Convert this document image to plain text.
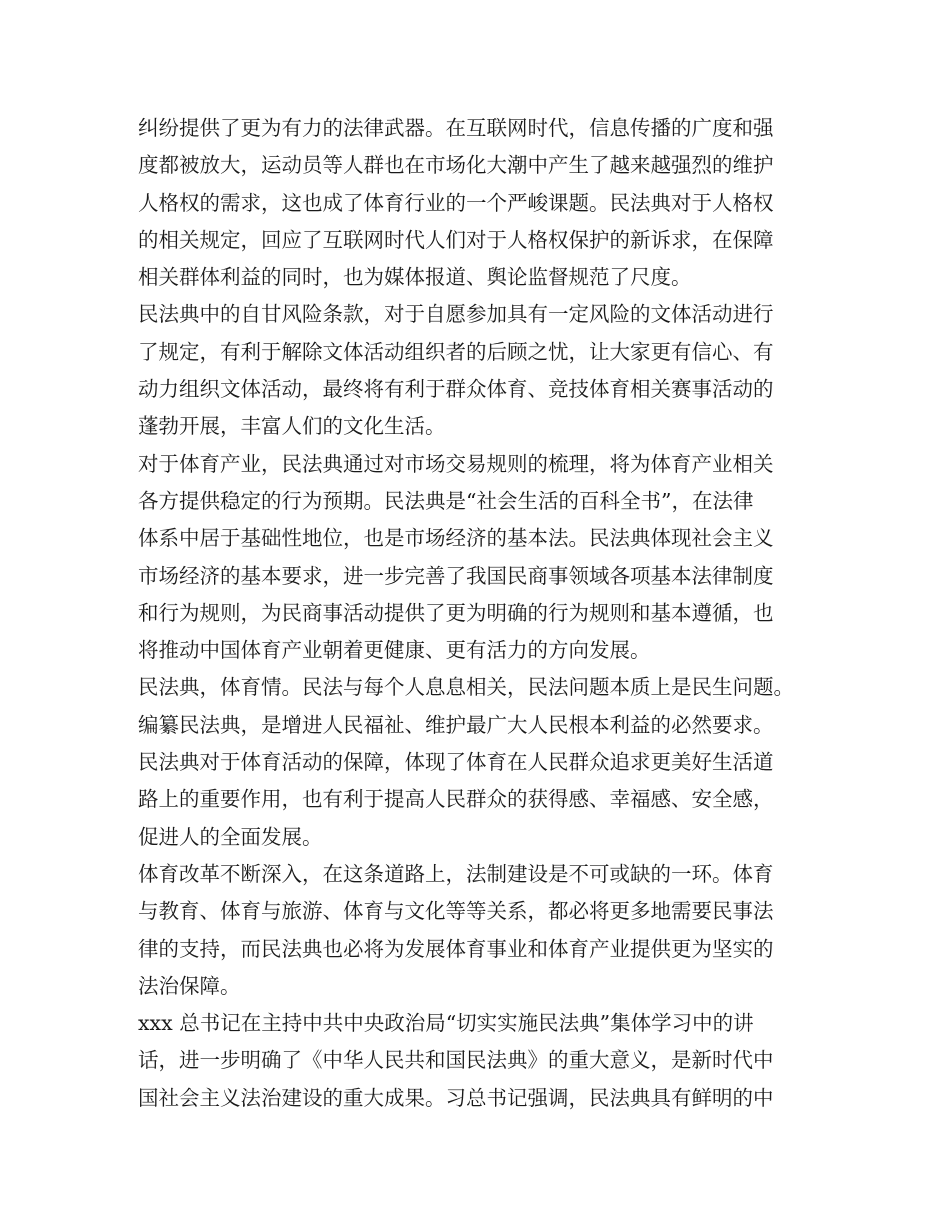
纠纷提供了更为有力的法律武器。在互联网时代，信息传播的广度和强
度都被放大，运动员等人群也在市场化大潮中产生了越来越强烈的维护
人格权的需求，这也成了体育行业的一个严峻课题。民法典对于人格权
的相关规定，回应了互联网时代人们对于人格权保护的新诉求，在保障
相关群体利益的同时，也为媒体报道、舆论监督规范了尺度。
民法典中的自甘风险条款，对于自愿参加具有一定风险的文体活动进行
了规定，有利于解除文体活动组织者的后顾之忧，让大家更有信心、有
动力组织文体活动，最终将有利于群众体育、竞技体育相关赛事活动的
蓬勃开展，丰富人们的文化生活。
对于体育产业，民法典通过对市场交易规则的梳理，将为体育产业相关
各方提供稳定的行为预期。民法典是“社会生活的百科全书”，在法律
体系中居于基础性地位，也是市场经济的基本法。民法典体现社会主义
市场经济的基本要求，进一步完善了我国民商事领域各项基本法律制度
和行为规则，为民商事活动提供了更为明确的行为规则和基本遵循，也
将推动中国体育产业朝着更健康、更有活力的方向发展。
民法典，体育情。民法与每个人息息相关，民法问题本质上是民生问题。
编纂民法典，是增进人民福祉、维护最广大人民根本利益的必然要求。
民法典对于体育活动的保障，体现了体育在人民群众追求更美好生活道
路上的重要作用，也有利于提高人民群众的获得感、幸福感、安全感，
促进人的全面发展。
体育改革不断深入，在这条道路上，法制建设是不可或缺的一环。体育
与教育、体育与旅游、体育与文化等等关系，都必将更多地需要民事法
律的支持，而民法典也必将为发展体育事业和体育产业提供更为坚实的
法治保障。
xxx 总书记在主持中共中央政治局“切实实施民法典”集体学习中的讲
话，进一步明确了《中华人民共和国民法典》的重大意义，是新时代中
国社会主义法治建设的重大成果。习总书记强调，民法典具有鲜明的中
